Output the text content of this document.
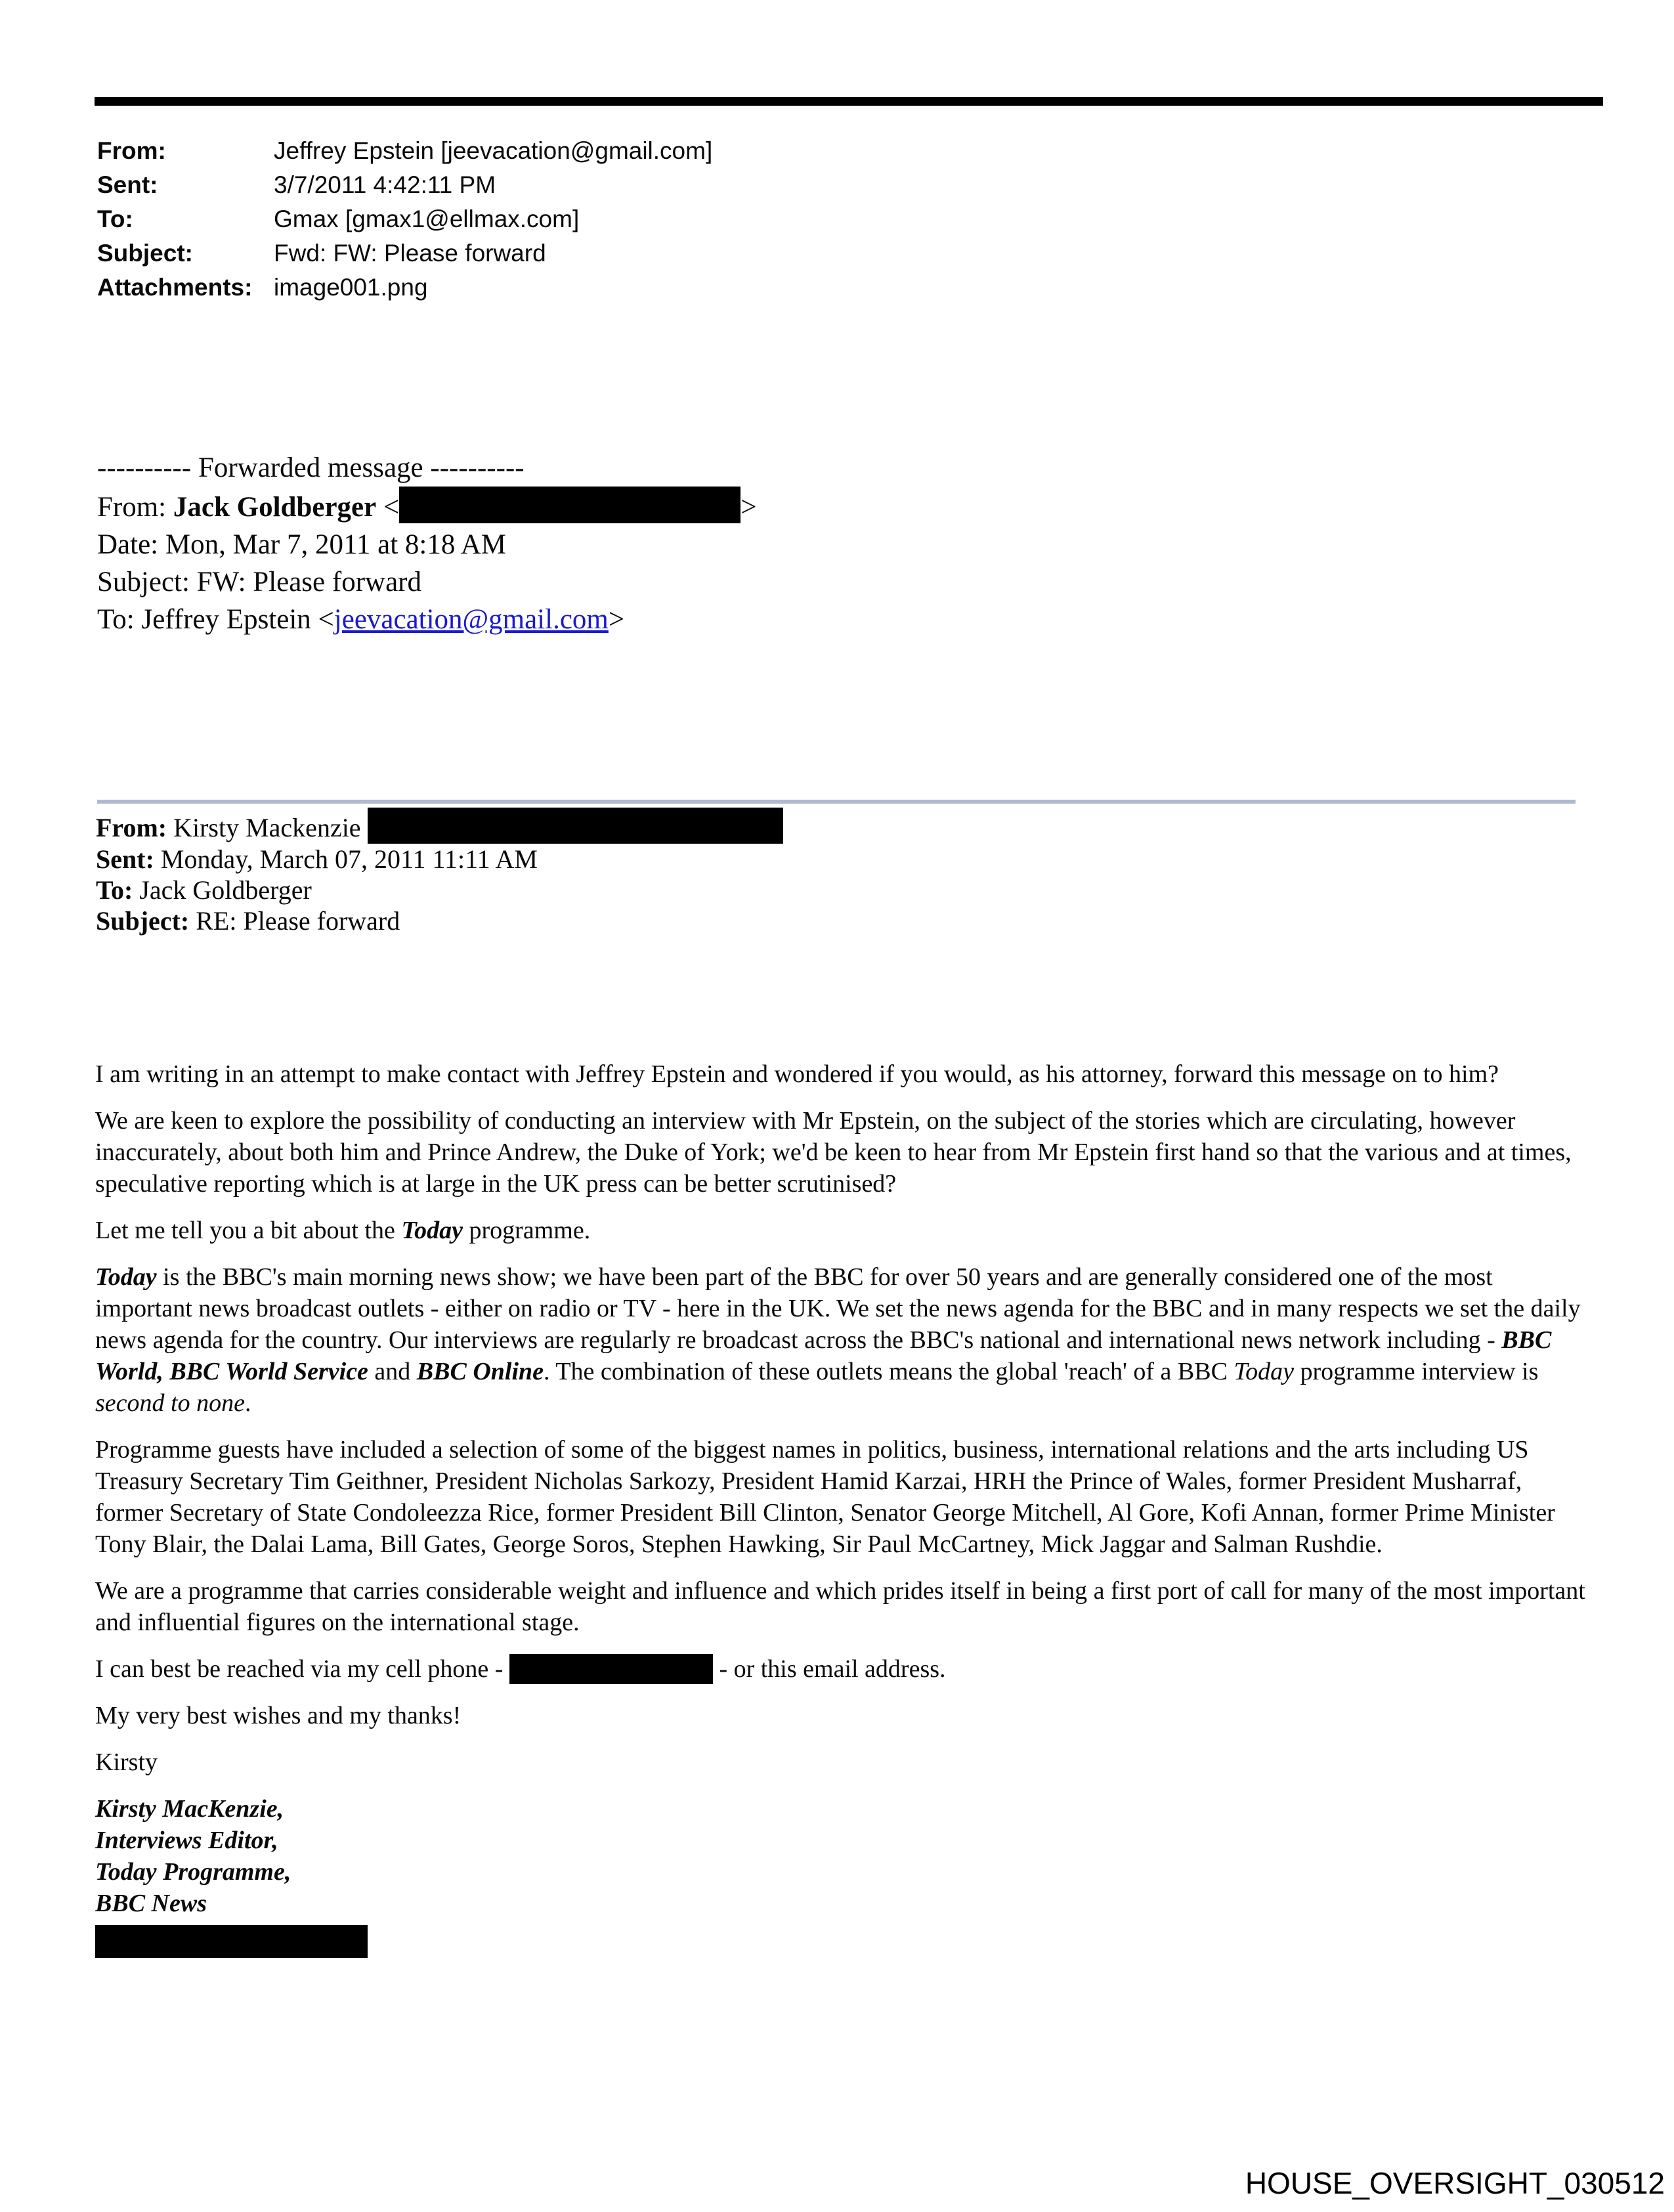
From:	Jeffrey Epstein [jeevacation@gmail.com]
Sent:	3/7/2011 4:42:11 PM
To:	Gmax [gmax1@ellmax.com]
Subject:	Fwd: FW: Please forward
Attachments: image001.png
---------- Forwarded message ----------
From: Jack Goldberger <	>
Date: Mon, Mar 7, 2011 at 8:18 AM
Subject: FW: Please forward
To: Jeffrey Epstein <jeevacation@gmail.com>
From: Kirsty Mackenzie
Sent: Monday, March 07, 2011 11:11 AM
To: Jack Goldberger
Subject: RE: Please forward

I am writing in an attempt to make contact with Jeffrey Epstein and wondered if you would, as his attorney, forward this message on to him?

We are keen to explore the possibility of conducting an interview with Mr Epstein, on the subject of the stories which are circulating, however inaccurately, about both him and Prince Andrew, the Duke of York; we'd be keen to hear from Mr Epstein first hand so that the various and at times, speculative reporting which is at large in the UK press can be better scrutinised?

Let me tell you a bit about the Today programme.

Today is the BBC's main morning news show; we have been part of the BBC for over 50 years and are generally considered one of the most important news broadcast outlets - either on radio or TV - here in the UK. We set the news agenda for the BBC and in many respects we set the daily news agenda for the country. Our interviews are regularly re broadcast across the BBC's national and international news network including - BBC World, BBC World Service and BBC Online. The combination of these outlets means the global 'reach' of a BBC Today programme interview is second to none.

Programme guests have included a selection of some of the biggest names in politics, business, international relations and the arts including US Treasury Secretary Tim Geithner, President Nicholas Sarkozy, President Hamid Karzai, HRH the Prince of Wales, former President Musharraf, former Secretary of State Condoleezza Rice, former President Bill Clinton, Senator George Mitchell, Al Gore, Kofi Annan, former Prime Minister Tony Blair, the Dalai Lama, Bill Gates, George Soros, Stephen Hawking, Sir Paul McCartney, Mick Jaggar and Salman Rushdie.

We are a programme that carries considerable weight and influence and which prides itself in being a first port of call for many of the most important and influential figures on the international stage.

I can best be reached via my cell phone -	- or this email address.

My very best wishes and my thanks!

Kirsty

Kirsty MacKenzie,
Interviews Editor,
Today Programme,
BBC News
HOUSE_OVERSIGHT_030512
